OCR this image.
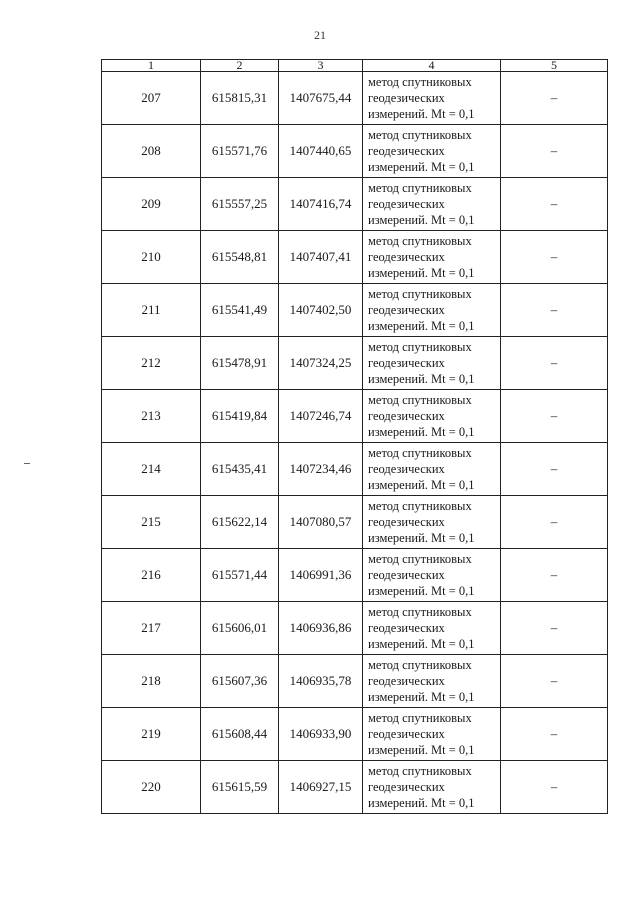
21
1	2	3	4	5
207	615815,31	1407675,44	метод спутниковых
геодезических
измерений. Mt = 0,1	–
208	615571,76	1407440,65	метод спутниковых
геодезических
измерений. Mt = 0,1	–
209	615557,25	1407416,74	метод спутниковых
геодезических
измерений. Mt = 0,1	–
210	615548,81	1407407,41	метод спутниковых
геодезических
измерений. Mt = 0,1	–
211	615541,49	1407402,50	метод спутниковых
геодезических
измерений. Mt = 0,1	–
212	615478,91	1407324,25	метод спутниковых
геодезических
измерений. Mt = 0,1	–
213	615419,84	1407246,74	метод спутниковых
геодезических
измерений. Mt = 0,1	–
214	615435,41	1407234,46	метод спутниковых
геодезических
измерений. Mt = 0,1	–
215	615622,14	1407080,57	метод спутниковых
геодезических
измерений. Mt = 0,1	–
216	615571,44	1406991,36	метод спутниковых
геодезических
измерений. Mt = 0,1	–
217	615606,01	1406936,86	метод спутниковых
геодезических
измерений. Mt = 0,1	–
218	615607,36	1406935,78	метод спутниковых
геодезических
измерений. Mt = 0,1	–
219	615608,44	1406933,90	метод спутниковых
геодезических
измерений. Mt = 0,1	–
220	615615,59	1406927,15	метод спутниковых
геодезических
измерений. Mt = 0,1	–
